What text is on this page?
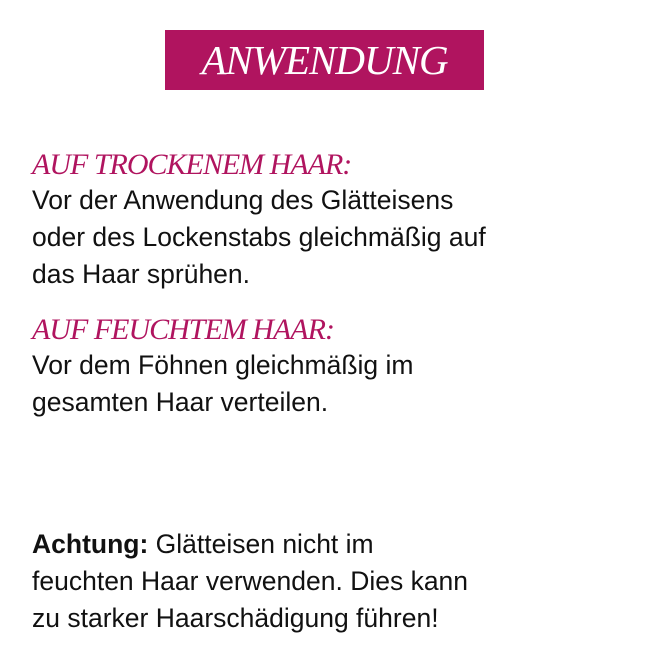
ANWENDUNG
AUF TROCKENEM HAAR:
Vor der Anwendung des Glätteisens
oder des Lockenstabs gleichmäßig auf
das Haar sprühen.
AUF FEUCHTEM HAAR:
Vor dem Föhnen gleichmäßig im
gesamten Haar verteilen.
Achtung: Glätteisen nicht im
feuchten Haar verwenden. Dies kann
zu starker Haarschädigung führen!
